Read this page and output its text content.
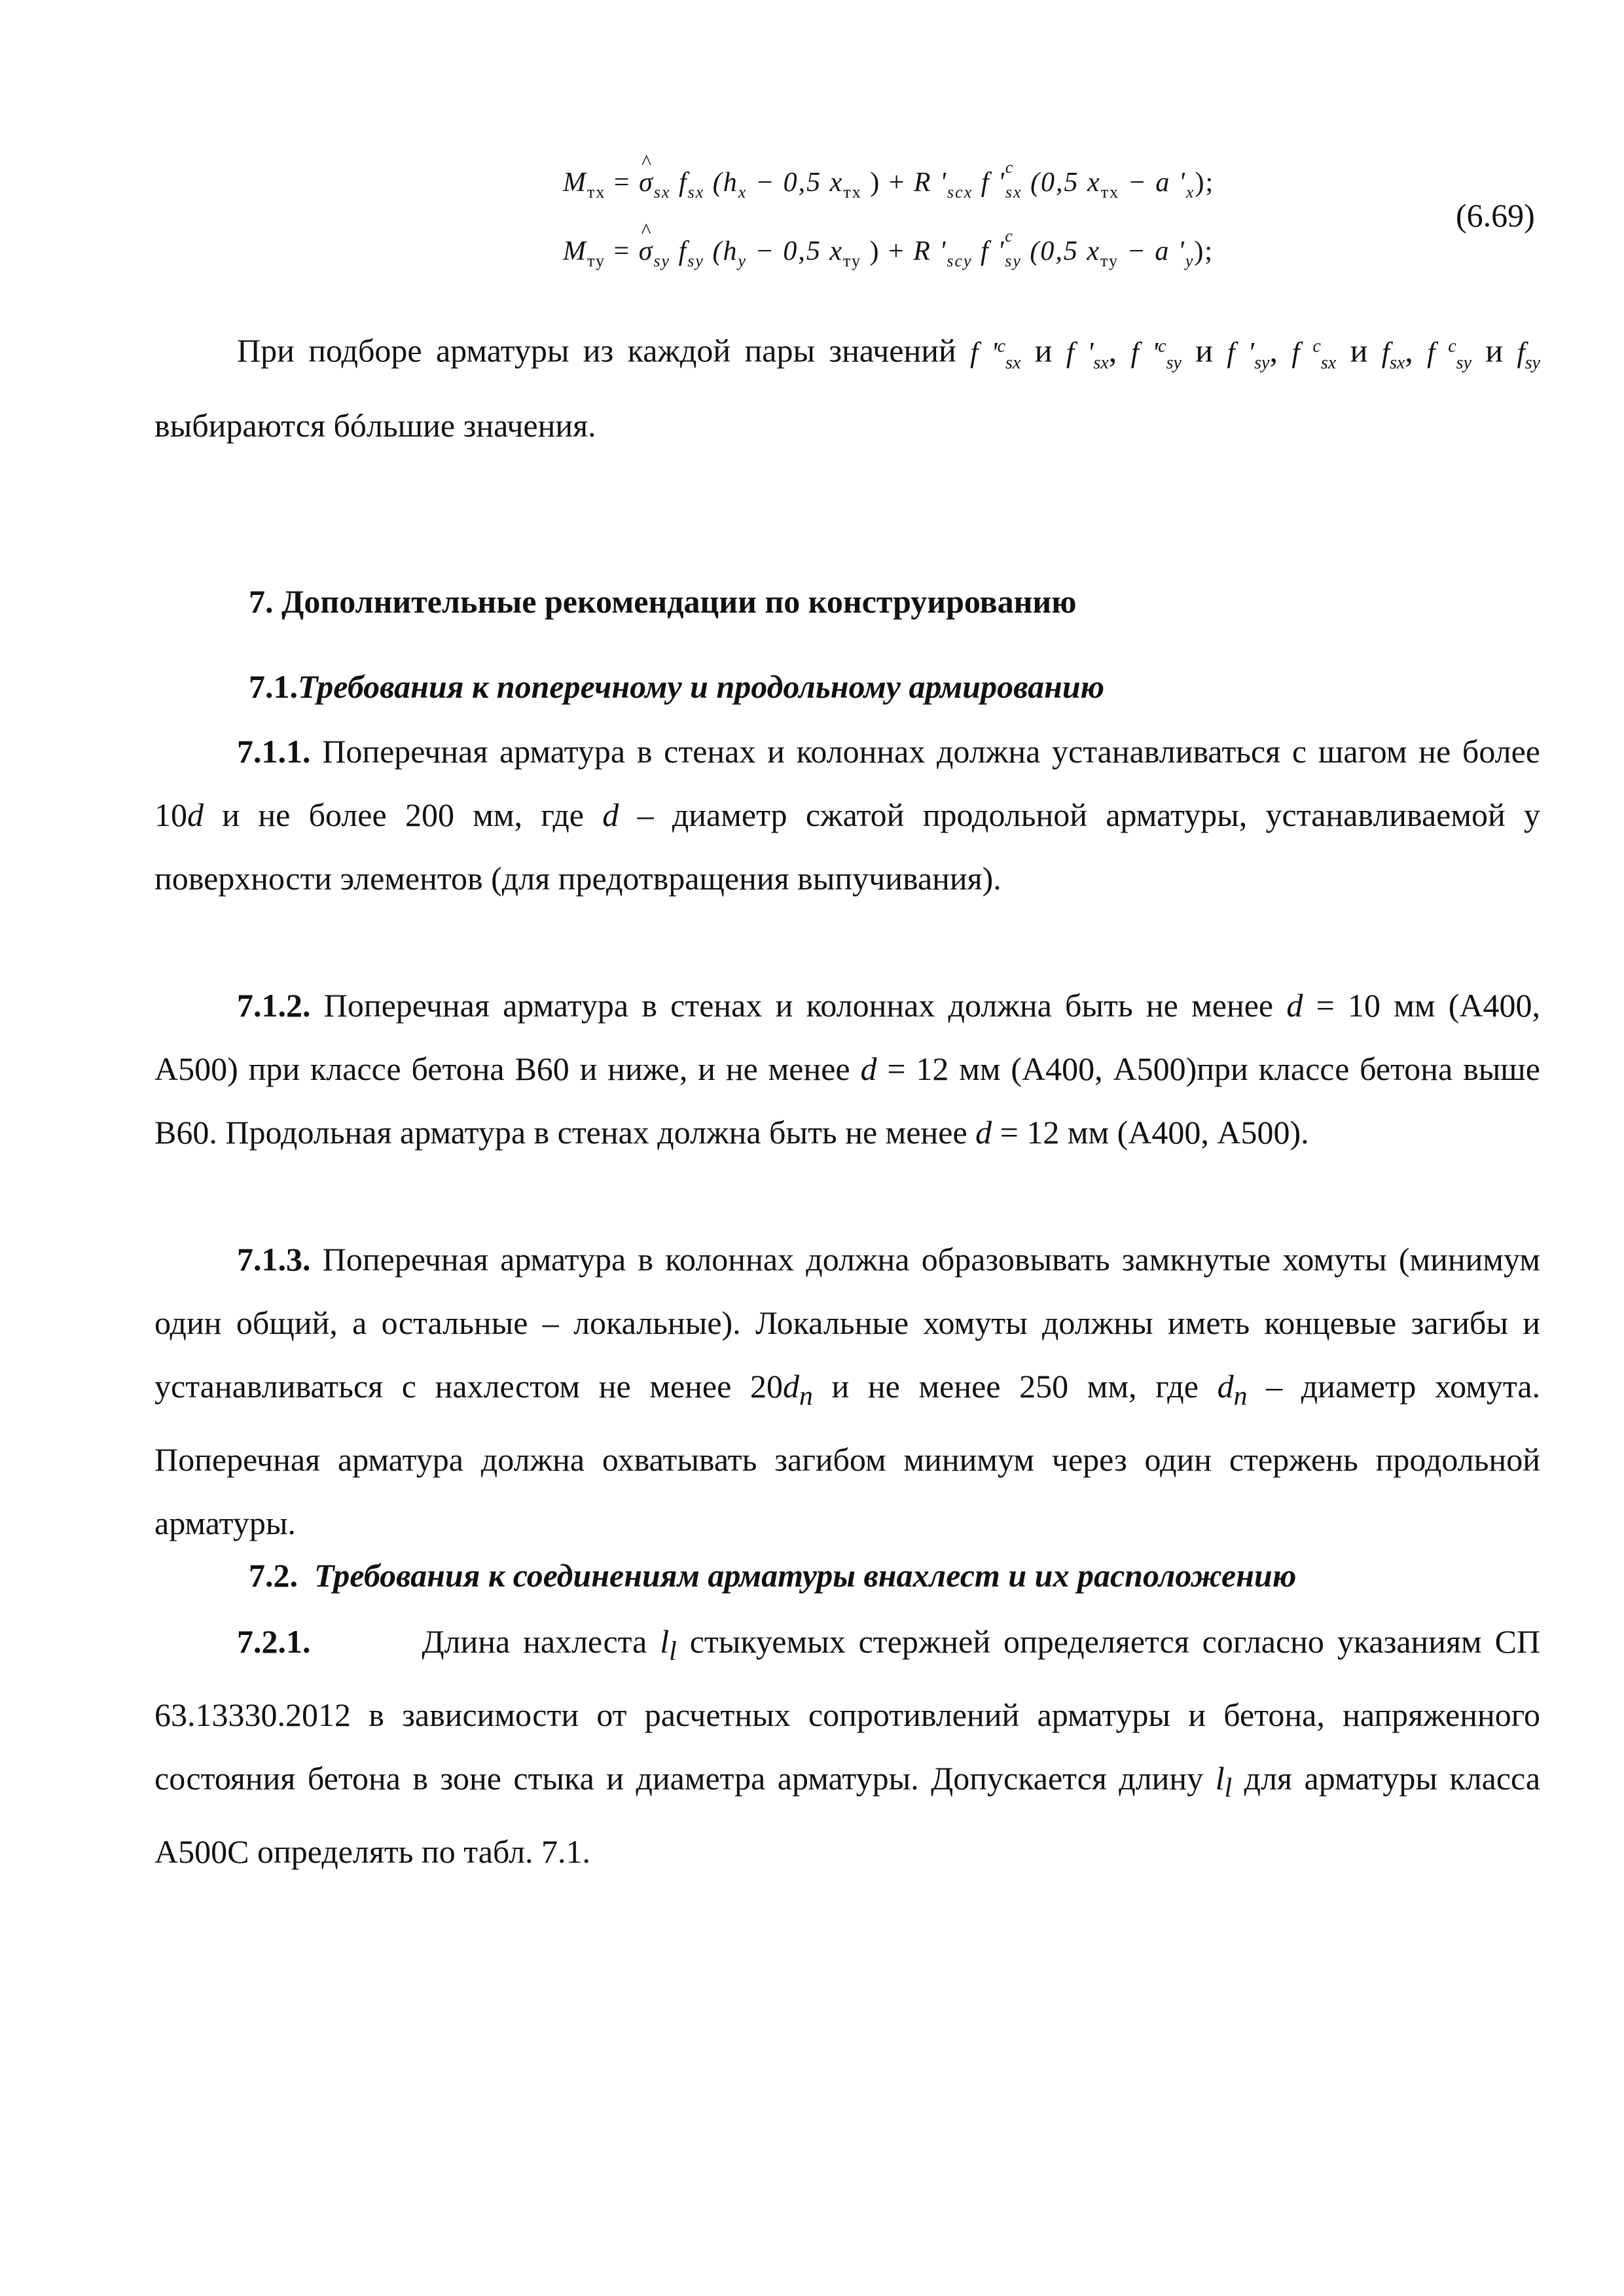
$M_{тх}$ = ^ $\sigma_{sx}$ $f_{sx}$ ($h_x - 0,5$ $x_{тх}$ ) + R '$_{scx}$ f '
c
$_{sx}$ (0,5 $x_{тх} - a$ '$_x$);
$M_{ту}$ = ^ $\sigma_{sy}$ $f_{sy}$ ($h_y - 0,5$ $x_{ту}$ ) + R '$_{scy}$ f '
c
$_{sy}$ (0,5 $x_{ту} - a$ '$_y$);
(6.69)
При подборе арматуры из каждой пары значений f '$^c_{sx}$ и f '$_{sx}$, f '$^c_{sy}$ и f $'_{sy}$, f $^c_{sx}$ и $f_{sx}$, f $^c_{sy}$ и $f_{sy}$ выбираются бóльшие значения.
7. Дополнительные рекомендации по конструированию
7.1.Требования к поперечному и продольному армированию
7.1.1. Поперечная арматура в стенах и колоннах должна устанавливаться с шагом не более 10d и не более 200 мм, где d – диаметр сжатой продольной арматуры, устанавливаемой у поверхности элементов (для предотвращения выпучивания).
7.1.2. Поперечная арматура в стенах и колоннах должна быть не менее d = 10 мм (А400, А500) при классе бетона В60 и ниже, и не менее d = 12 мм (А400, А500)при классе бетона выше В60. Продольная арматура в стенах должна быть не менее d = 12 мм (А400, А500).
7.1.3. Поперечная арматура в колоннах должна образовывать замкнутые хомуты (минимум один общий, а остальные – локальные). Локальные хомуты должны иметь концевые загибы и устанавливаться с нахлестом не менее $20d_n$ и не менее 250 мм, где $d_n$ – диаметр хомута. Поперечная арматура должна охватывать загибом минимум через один стержень продольной арматуры.
7.2. Требования к соединениям арматуры внахлест и их расположению
7.2.1.	Длина нахлеста $l_l$ стыкуемых стержней определяется согласно указаниям СП 63.13330.2012 в зависимости от расчетных сопротивлений арматуры и бетона, напряженного состояния бетона в зоне стыка и диаметра арматуры. Допускается длину $l_l$ для арматуры класса А500С определять по табл. 7.1.
